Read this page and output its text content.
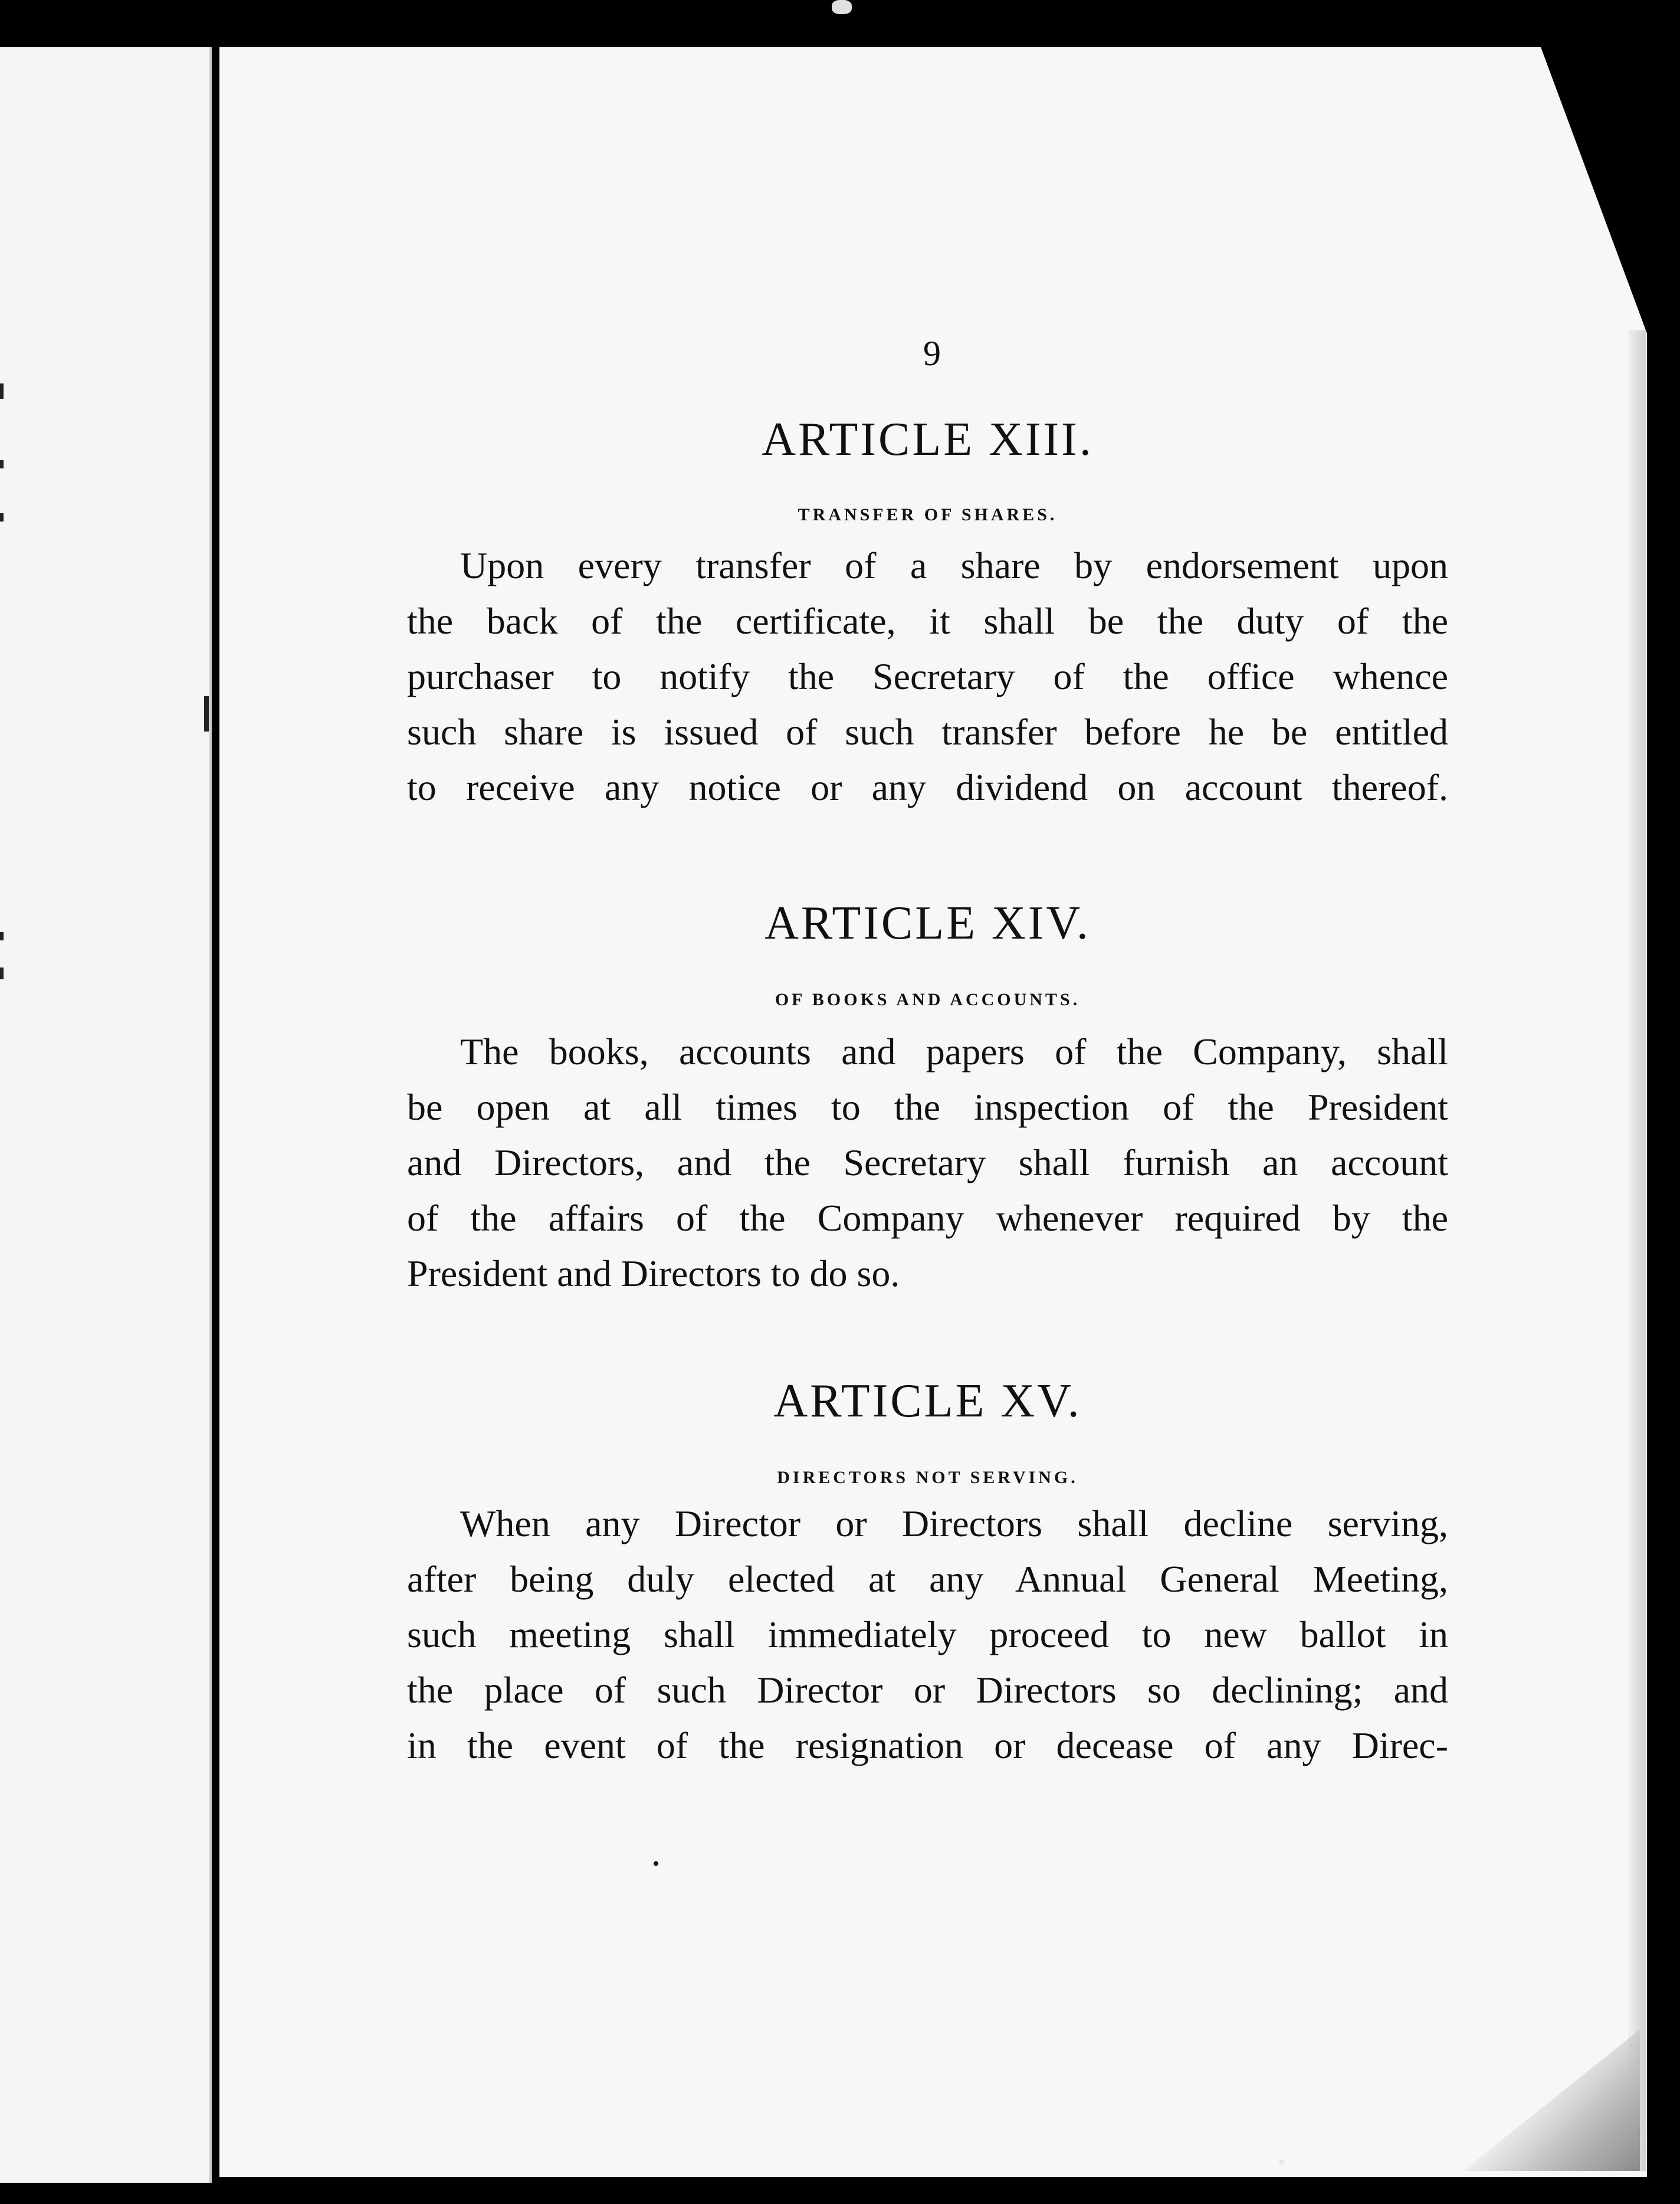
9
ARTICLE XIII.
TRANSFER OF SHARES.
Upon every transfer of a share by endorsement upon
the back of the certificate, it shall be the duty of the
purchaser to notify the Secretary of the office whence
such share is issued of such transfer before he be entitled
to receive any notice or any dividend on account thereof.
ARTICLE XIV.
OF BOOKS AND ACCOUNTS.
The books, accounts and papers of the Company, shall
be open at all times to the inspection of the President
and Directors, and the Secretary shall furnish an account
of the affairs of the Company whenever required by the
President and Directors to do so.
ARTICLE XV.
DIRECTORS NOT SERVING.
When any Director or Directors shall decline serving,
after being duly elected at any Annual General Meeting,
such meeting shall immediately proceed to new ballot in
the place of such Director or Directors so declining; and
in the event of the resignation or decease of any Direc-
